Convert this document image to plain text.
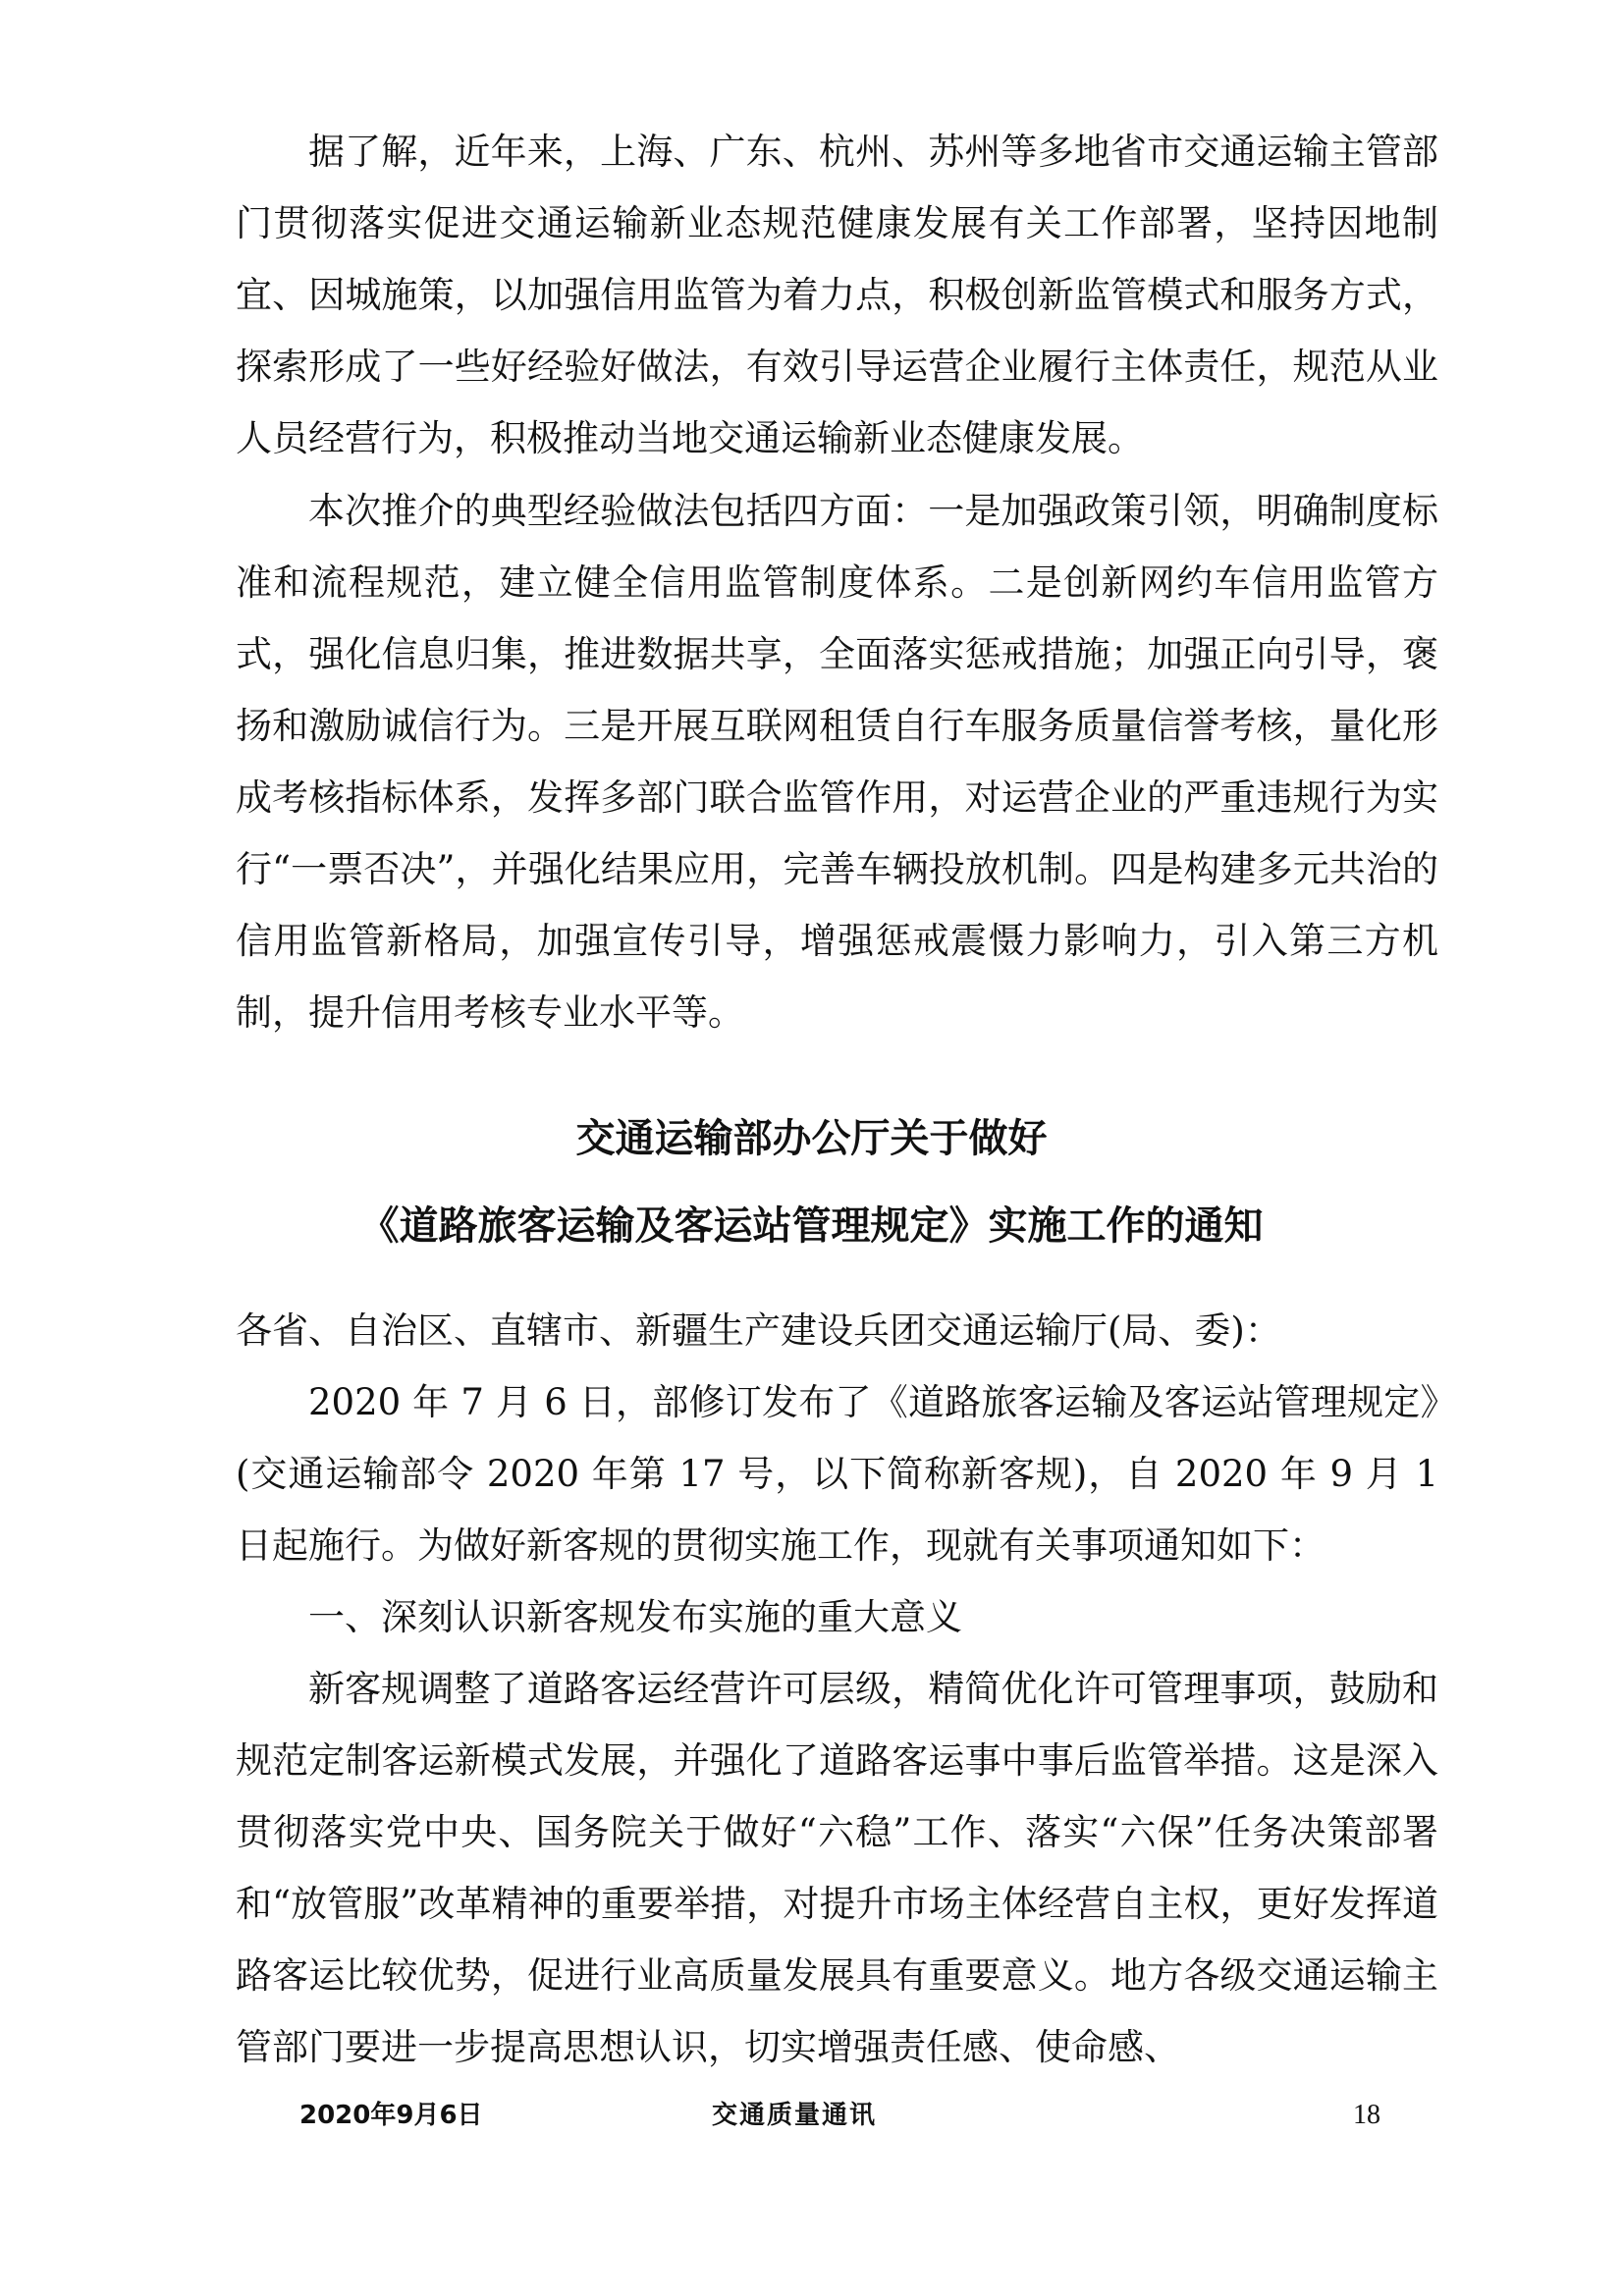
据了解，近年来，上海、广东、杭州、苏州等多地省市交通运输主管部门贯彻落实促进交通运输新业态规范健康发展有关工作部署，坚持因地制宜、因城施策，以加强信用监管为着力点，积极创新监管模式和服务方式，探索形成了一些好经验好做法，有效引导运营企业履行主体责任，规范从业人员经营行为，积极推动当地交通运输新业态健康发展。

本次推介的典型经验做法包括四方面：一是加强政策引领，明确制度标准和流程规范，建立健全信用监管制度体系。二是创新网约车信用监管方式，强化信息归集，推进数据共享，全面落实惩戒措施；加强正向引导，褒扬和激励诚信行为。三是开展互联网租赁自行车服务质量信誉考核，量化形成考核指标体系，发挥多部门联合监管作用，对运营企业的严重违规行为实行“一票否决”，并强化结果应用，完善车辆投放机制。四是构建多元共治的信用监管新格局，加强宣传引导，增强惩戒震慑力影响力，引入第三方机制，提升信用考核专业水平等。

交通运输部办公厅关于做好
《道路旅客运输及客运站管理规定》实施工作的通知

各省、自治区、直辖市、新疆生产建设兵团交通运输厅(局、委)：

2020 年 7 月 6 日，部修订发布了《道路旅客运输及客运站管理规定》(交通运输部令 2020 年第 17 号，以下简称新客规)，自 2020 年 9 月 1 日起施行。为做好新客规的贯彻实施工作，现就有关事项通知如下：

一、深刻认识新客规发布实施的重大意义

新客规调整了道路客运经营许可层级，精简优化许可管理事项，鼓励和规范定制客运新模式发展，并强化了道路客运事中事后监管举措。这是深入贯彻落实党中央、国务院关于做好“六稳”工作、落实“六保”任务决策部署和“放管服”改革精神的重要举措，对提升市场主体经营自主权，更好发挥道路客运比较优势，促进行业高质量发展具有重要意义。地方各级交通运输主管部门要进一步提高思想认识，切实增强责任感、使命感、

2020年9月6日	交通质量通讯	18
